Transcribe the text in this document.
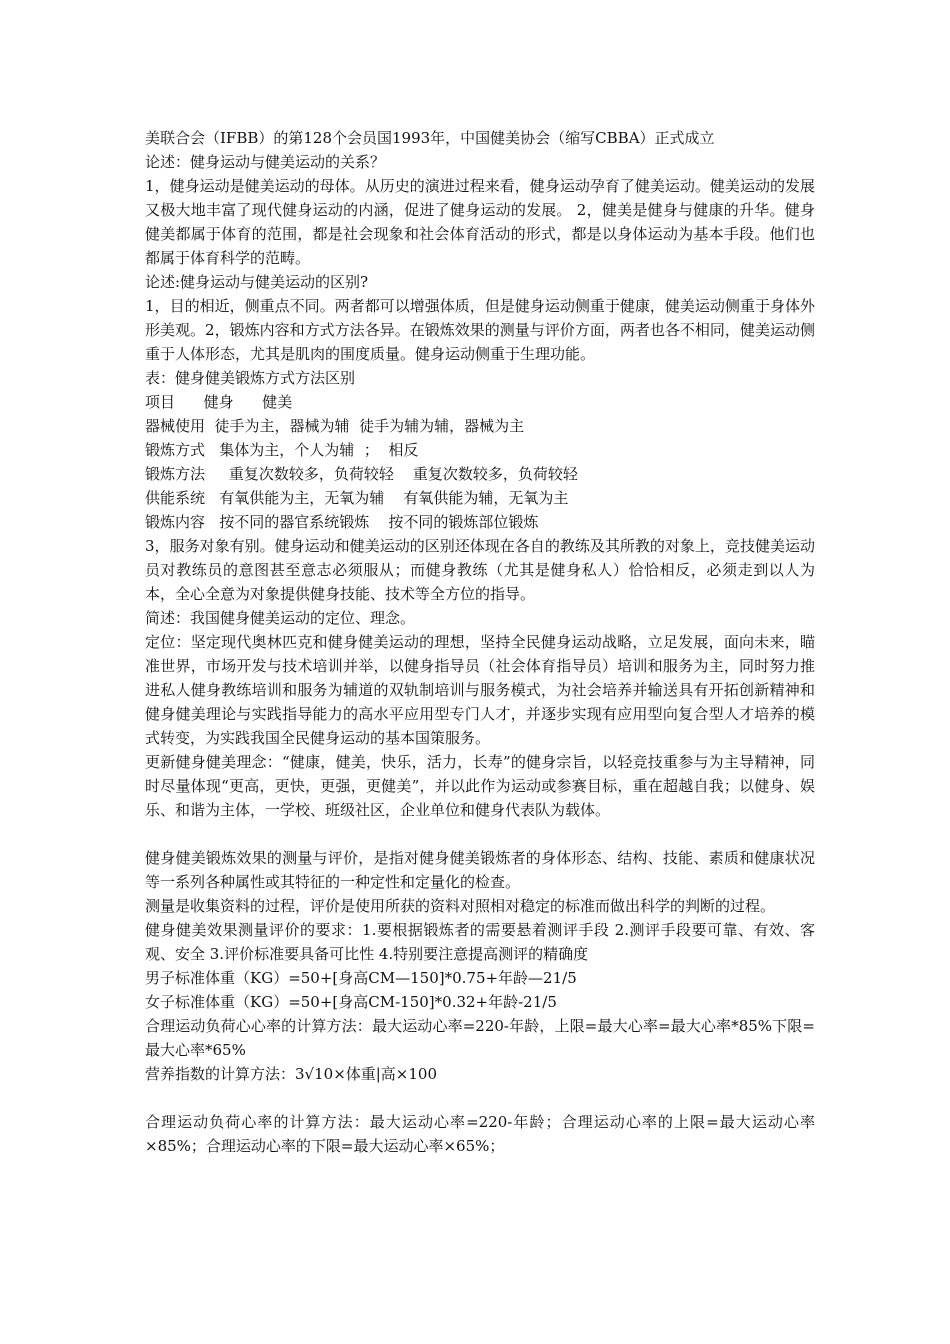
美联合会（IFBB）的第128个会员国1993年，中国健美协会（缩写CBBA）正式成立
论述：健身运动与健美运动的关系？
1，健身运动是健美运动的母体。从历史的演进过程来看，健身运动孕育了健美运动。健美运动的发展又极大地丰富了现代健身运动的内涵，促进了健身运动的发展。 2，健美是健身与健康的升华。健身健美都属于体育的范围，都是社会现象和社会体育活动的形式，都是以身体运动为基本手段。他们也都属于体育科学的范畴。
论述:健身运动与健美运动的区别?
1，目的相近，侧重点不同。两者都可以增强体质，但是健身运动侧重于健康，健美运动侧重于身体外形美观。2，锻炼内容和方式方法各异。在锻炼效果的测量与评价方面，两者也各不相同，健美运动侧重于人体形态，尤其是肌肉的围度质量。健身运动侧重于生理功能。
表：健身健美锻炼方式方法区别
项目      健身      健美
器械使用  徒手为主，器械为辅  徒手为辅为辅，器械为主
锻炼方式   集体为主，个人为辅  ；  相反
锻炼方法     重复次数较多，负荷较轻    重复次数较多，负荷较轻
供能系统   有氧供能为主，无氧为辅    有氧供能为辅，无氧为主
锻炼内容   按不同的器官系统锻炼    按不同的锻炼部位锻炼
3，服务对象有别。健身运动和健美运动的区别还体现在各自的教练及其所教的对象上，竞技健美运动员对教练员的意图甚至意志必须服从；而健身教练（尤其是健身私人）恰恰相反，必须走到以人为本，全心全意为对象提供健身技能、技术等全方位的指导。
简述：我国健身健美运动的定位、理念。
定位：坚定现代奥林匹克和健身健美运动的理想，坚持全民健身运动战略，立足发展，面向未来，瞄准世界，市场开发与技术培训并举，以健身指导员（社会体育指导员）培训和服务为主，同时努力推进私人健身教练培训和服务为辅道的双轨制培训与服务模式，为社会培养并输送具有开拓创新精神和健身健美理论与实践指导能力的高水平应用型专门人才，并逐步实现有应用型向复合型人才培养的模式转变，为实践我国全民健身运动的基本国策服务。
更新健身健美理念：“健康，健美，快乐，活力，长寿”的健身宗旨，以轻竞技重参与为主导精神，同时尽量体现“更高，更快，更强，更健美”，并以此作为运动或参赛目标，重在超越自我；以健身、娱乐、和谐为主体，一学校、班级社区，企业单位和健身代表队为载体。
健身健美锻炼效果的测量与评价，是指对健身健美锻炼者的身体形态、结构、技能、素质和健康状况等一系列各种属性或其特征的一种定性和定量化的检查。
测量是收集资料的过程，评价是使用所获的资料对照相对稳定的标准而做出科学的判断的过程。
健身健美效果测量评价的要求：1.要根据锻炼者的需要悬着测评手段 2.测评手段要可靠、有效、客观、安全 3.评价标准要具备可比性 4.特别要注意提高测评的精确度
男子标准体重（KG）=50+[身高CM—150]*0.75+年龄—21/5
女子标准体重（KG）=50+[身高CM-150]*0.32+年龄-21/5
合理运动负荷心心率的计算方法：最大运动心率=220-年龄，上限=最大心率=最大心率*85%下限=最大心率*65%
营养指数的计算方法：3√10×体重|高×100
合理运动负荷心率的计算方法：最大运动心率=220-年龄；合理运动心率的上限=最大运动心率×85%；合理运动心率的下限=最大运动心率×65%；
